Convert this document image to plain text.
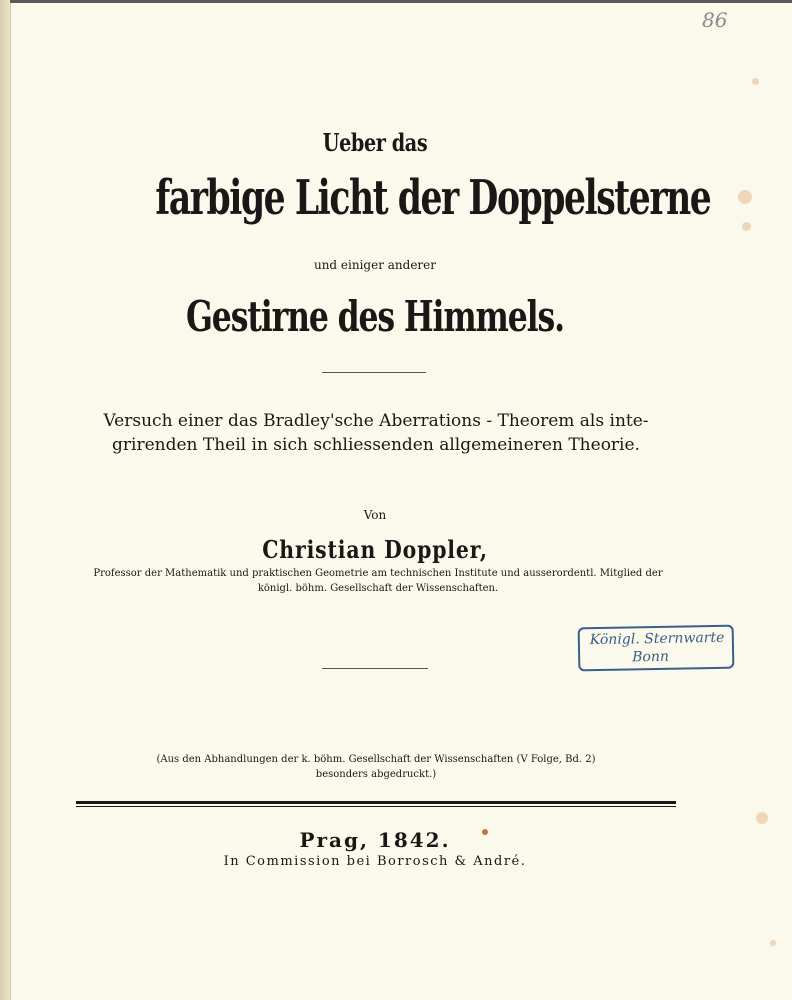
86
Ueber das
farbige Licht der Doppelsterne
und einiger anderer
Gestirne des Himmels.
Versuch einer das Bradley'sche Aberrations - Theorem als inte-
grirenden Theil in sich schliessenden allgemeineren Theorie.
Von
Christian Doppler,
Professor der Mathematik und praktischen Geometrie am technischen Institute und ausserordentl. Mitglied der
königl. böhm. Gesellschaft der Wissenschaften.
Königl. Sternwarte
Bonn
(Aus den Abhandlungen der k. böhm. Gesellschaft der Wissenschaften (V Folge, Bd. 2)
besonders abgedruckt.)
Prag, 1842.
In Commission bei Borrosch & André.
